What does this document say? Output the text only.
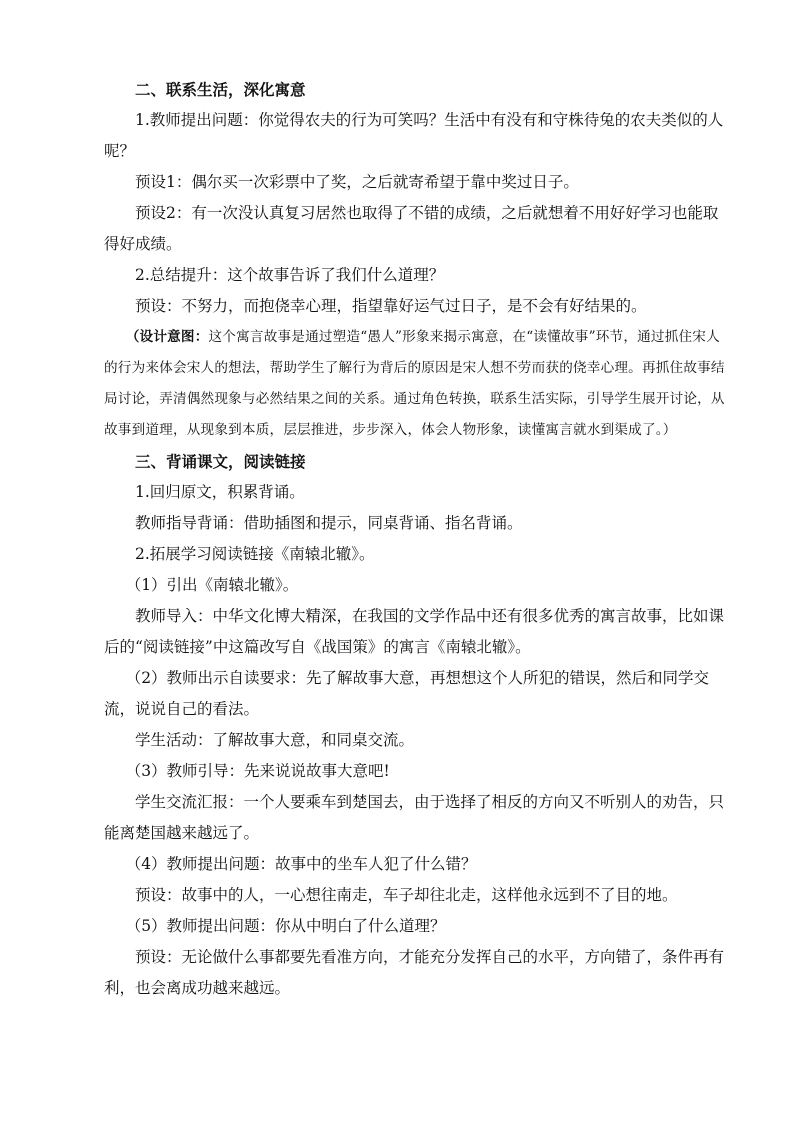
二、联系生活，深化寓意

1.教师提出问题：你觉得农夫的行为可笑吗？生活中有没有和守株待兔的农夫类似的人呢？

预设1：偶尔买一次彩票中了奖，之后就寄希望于靠中奖过日子。

预设2：有一次没认真复习居然也取得了不错的成绩，之后就想着不用好好学习也能取得好成绩。

2.总结提升：这个故事告诉了我们什么道理？

预设：不努力，而抱侥幸心理，指望靠好运气过日子，是不会有好结果的。

（设计意图：这个寓言故事是通过塑造“愚人”形象来揭示寓意，在“读懂故事”环节，通过抓住宋人的行为来体会宋人的想法，帮助学生了解行为背后的原因是宋人想不劳而获的侥幸心理。再抓住故事结局讨论，弄清偶然现象与必然结果之间的关系。通过角色转换，联系生活实际，引导学生展开讨论，从故事到道理，从现象到本质，层层推进，步步深入，体会人物形象，读懂寓言就水到渠成了。）

三、背诵课文，阅读链接

1.回归原文，积累背诵。

教师指导背诵：借助插图和提示，同桌背诵、指名背诵。

2.拓展学习阅读链接《南辕北辙》。

（1）引出《南辕北辙》。

教师导入：中华文化博大精深，在我国的文学作品中还有很多优秀的寓言故事，比如课后的“阅读链接”中这篇改写自《战国策》的寓言《南辕北辙》。

（2）教师出示自读要求：先了解故事大意，再想想这个人所犯的错误，然后和同学交流，说说自己的看法。

学生活动：了解故事大意，和同桌交流。

（3）教师引导：先来说说故事大意吧!

学生交流汇报：一个人要乘车到楚国去，由于选择了相反的方向又不听别人的劝告，只能离楚国越来越远了。

（4）教师提出问题：故事中的坐车人犯了什么错？

预设：故事中的人，一心想往南走，车子却往北走，这样他永远到不了目的地。

（5）教师提出问题：你从中明白了什么道理？

预设：无论做什么事都要先看准方向，才能充分发挥自己的水平，方向错了，条件再有利，也会离成功越来越远。
